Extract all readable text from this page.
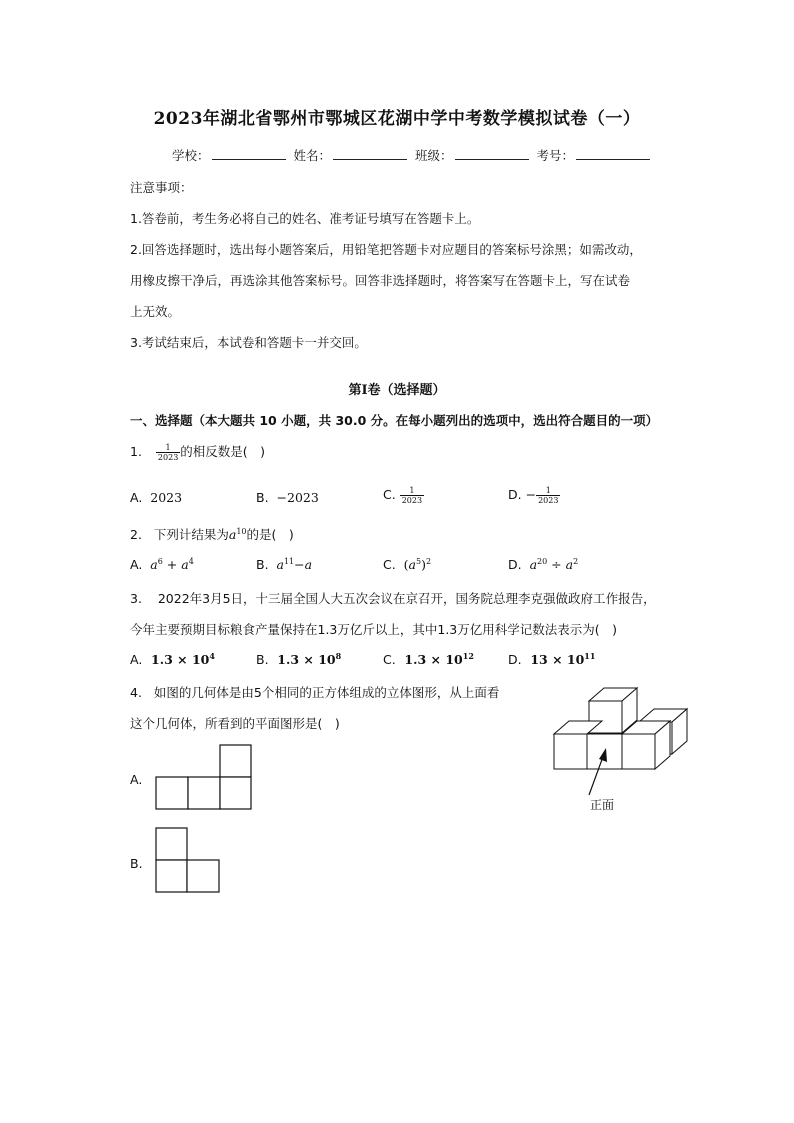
2023年湖北省鄂州市鄂城区花湖中学中考数学模拟试卷（一）
学校：	姓名：	班级：	考号：
注意事项：
1.答卷前，考生务必将自己的姓名、准考证号填写在答题卡上。
2.回答选择题时，选出每小题答案后，用铅笔把答题卡对应题目的答案标号涂黑；如需改动，
用橡皮擦干净后，再选涂其他答案标号。回答非选择题时，将答案写在答题卡上，写在试卷
上无效。
3.考试结束后，本试卷和答题卡一并交回。
第Ⅰ卷（选择题）
一、选择题（本大题共 10 小题，共 30.0 分。在每小题列出的选项中，选出符合题目的一项）
1. $\frac{1}{2023}$ 的相反数是(　)
A. 2023	B. −2023	C. $\frac{1}{2023}$	D. − $\frac{1}{2023}$
2. 下列计结果为$a^{10}$的是(　)
A. $a^6 + a^4$	B. $a^{11}-a$	C. $(a^5)^2$	D. $a^{20} \div a^2$
3. 2022年3月5日，十三届全国人大五次会议在京召开，国务院总理李克强做政府工作报告，
今年主要预期目标粮食产量保持在1.3万亿斤以上，其中1.3万亿用科学记数法表示为(　)
A. $1.3 \times 10^4$	B. $1.3 \times 10^8$	C. $1.3 \times 10^{12}$	D. $13 \times 10^{11}$
4. 如图的几何体是由5个相同的正方体组成的立体图形，从上面看
这个几何体，所看到的平面图形是(　)
正面
A.
B.
